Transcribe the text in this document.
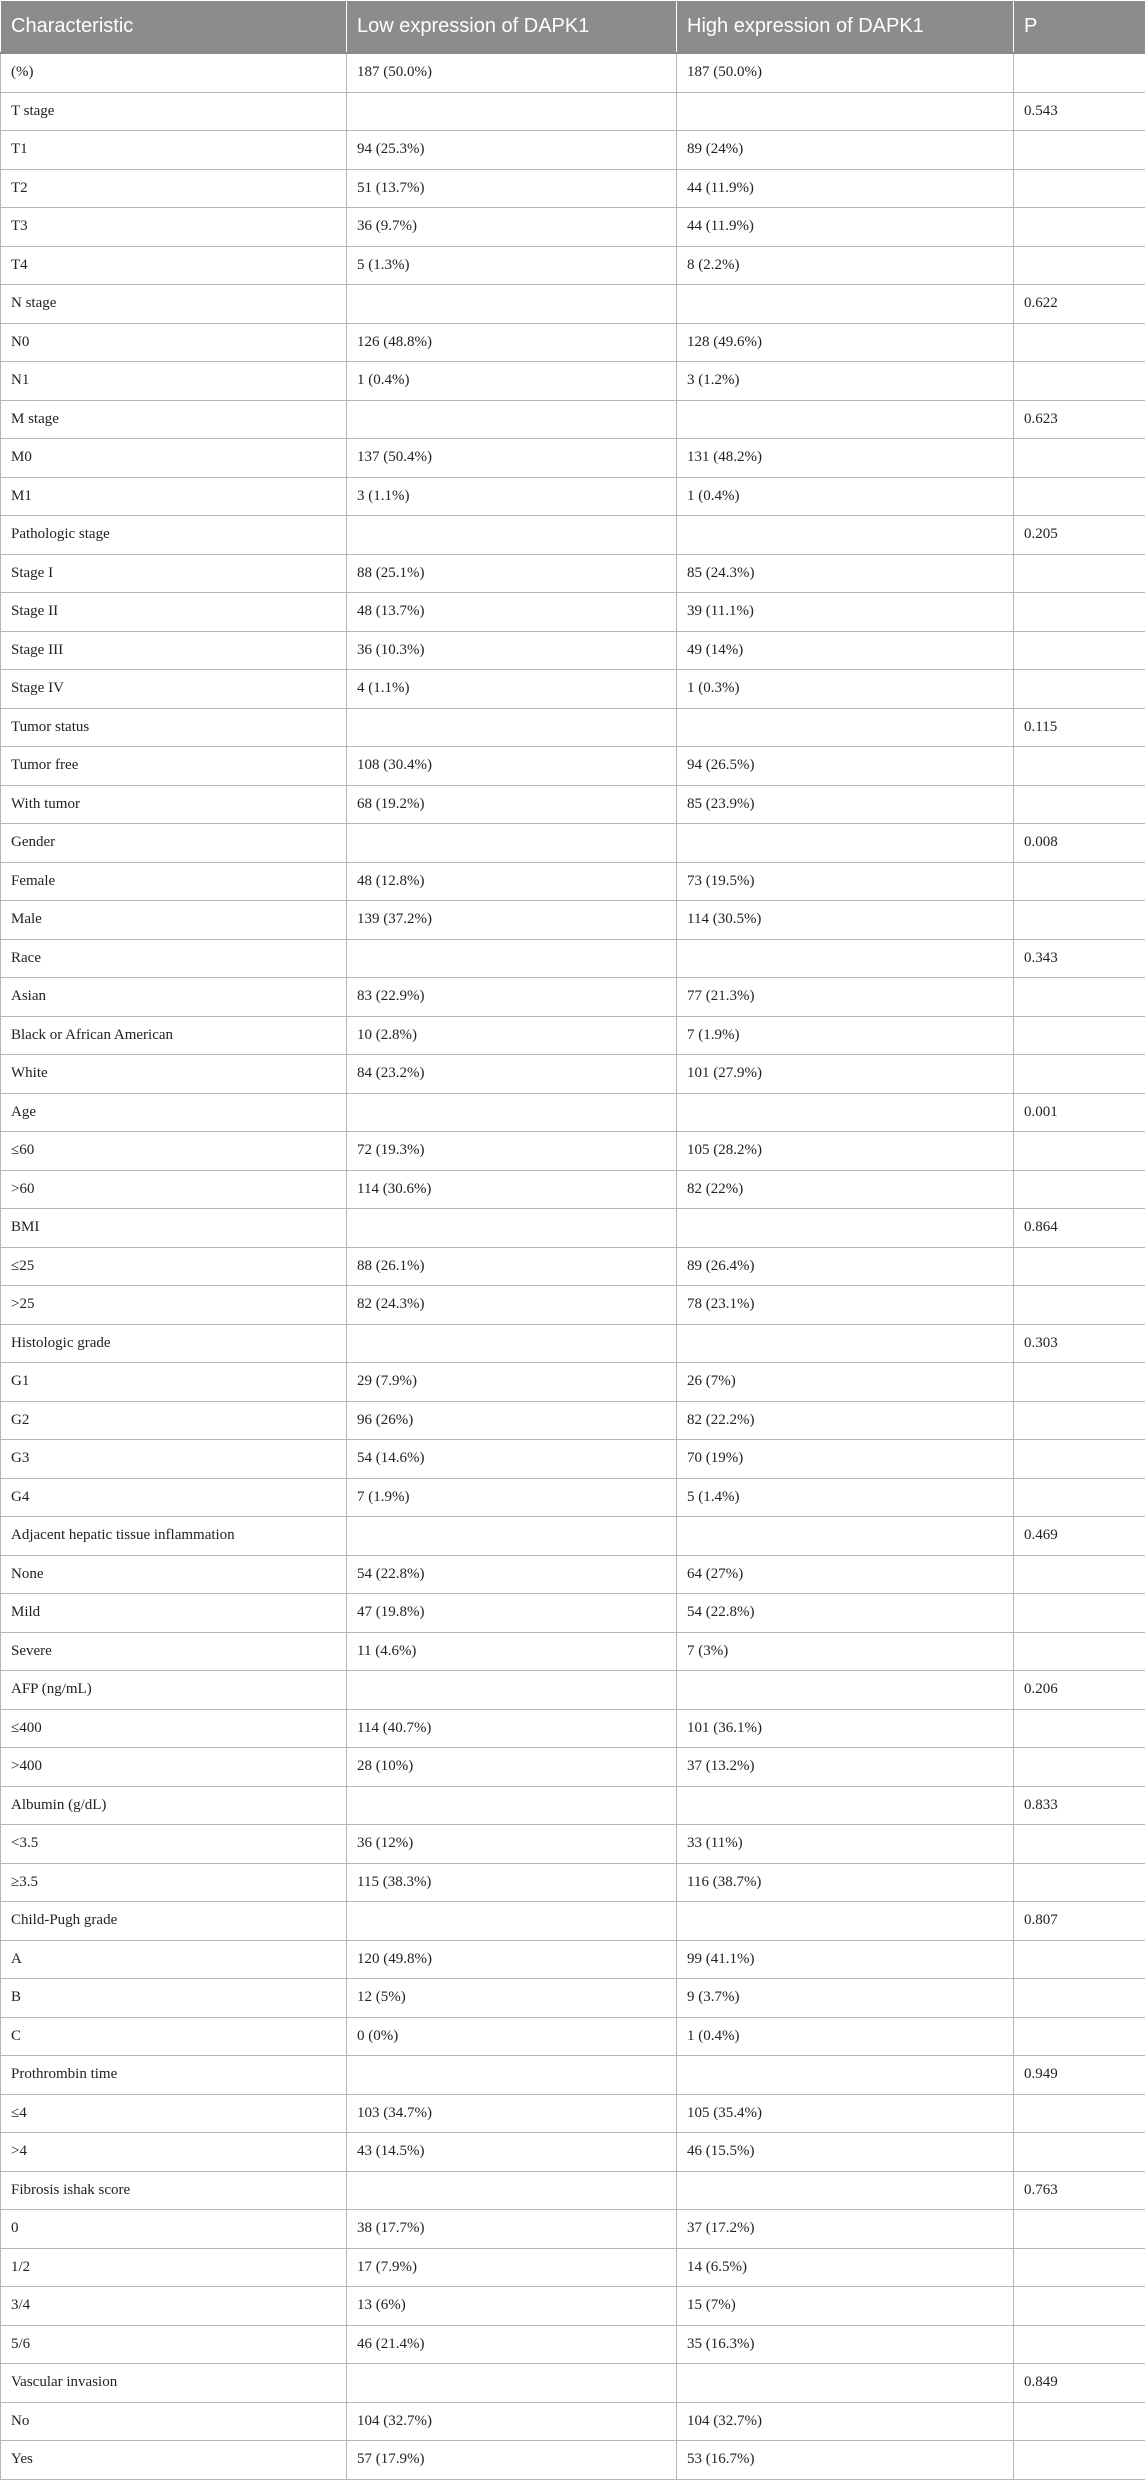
Characteristic	Low expression of DAPK1	High expression of DAPK1	P
(%)	187 (50.0%)	187 (50.0%)	
T stage			0.543
T1	94 (25.3%)	89 (24%)	
T2	51 (13.7%)	44 (11.9%)	
T3	36 (9.7%)	44 (11.9%)	
T4	5 (1.3%)	8 (2.2%)	
N stage			0.622
N0	126 (48.8%)	128 (49.6%)	
N1	1 (0.4%)	3 (1.2%)	
M stage			0.623
M0	137 (50.4%)	131 (48.2%)	
M1	3 (1.1%)	1 (0.4%)	
Pathologic stage			0.205
Stage I	88 (25.1%)	85 (24.3%)	
Stage II	48 (13.7%)	39 (11.1%)	
Stage III	36 (10.3%)	49 (14%)	
Stage IV	4 (1.1%)	1 (0.3%)	
Tumor status			0.115
Tumor free	108 (30.4%)	94 (26.5%)	
With tumor	68 (19.2%)	85 (23.9%)	
Gender			0.008
Female	48 (12.8%)	73 (19.5%)	
Male	139 (37.2%)	114 (30.5%)	
Race			0.343
Asian	83 (22.9%)	77 (21.3%)	
Black or African American	10 (2.8%)	7 (1.9%)	
White	84 (23.2%)	101 (27.9%)	
Age			0.001
≤60	72 (19.3%)	105 (28.2%)	
>60	114 (30.6%)	82 (22%)	
BMI			0.864
≤25	88 (26.1%)	89 (26.4%)	
>25	82 (24.3%)	78 (23.1%)	
Histologic grade			0.303
G1	29 (7.9%)	26 (7%)	
G2	96 (26%)	82 (22.2%)	
G3	54 (14.6%)	70 (19%)	
G4	7 (1.9%)	5 (1.4%)	
Adjacent hepatic tissue inflammation			0.469
None	54 (22.8%)	64 (27%)	
Mild	47 (19.8%)	54 (22.8%)	
Severe	11 (4.6%)	7 (3%)	
AFP (ng/mL)			0.206
≤400	114 (40.7%)	101 (36.1%)	
>400	28 (10%)	37 (13.2%)	
Albumin (g/dL)			0.833
<3.5	36 (12%)	33 (11%)	
≥3.5	115 (38.3%)	116 (38.7%)	
Child-Pugh grade			0.807
A	120 (49.8%)	99 (41.1%)	
B	12 (5%)	9 (3.7%)	
C	0 (0%)	1 (0.4%)	
Prothrombin time			0.949
≤4	103 (34.7%)	105 (35.4%)	
>4	43 (14.5%)	46 (15.5%)	
Fibrosis ishak score			0.763
0	38 (17.7%)	37 (17.2%)	
1/2	17 (7.9%)	14 (6.5%)	
3/4	13 (6%)	15 (7%)	
5/6	46 (21.4%)	35 (16.3%)	
Vascular invasion			0.849
No	104 (32.7%)	104 (32.7%)	
Yes	57 (17.9%)	53 (16.7%)	
